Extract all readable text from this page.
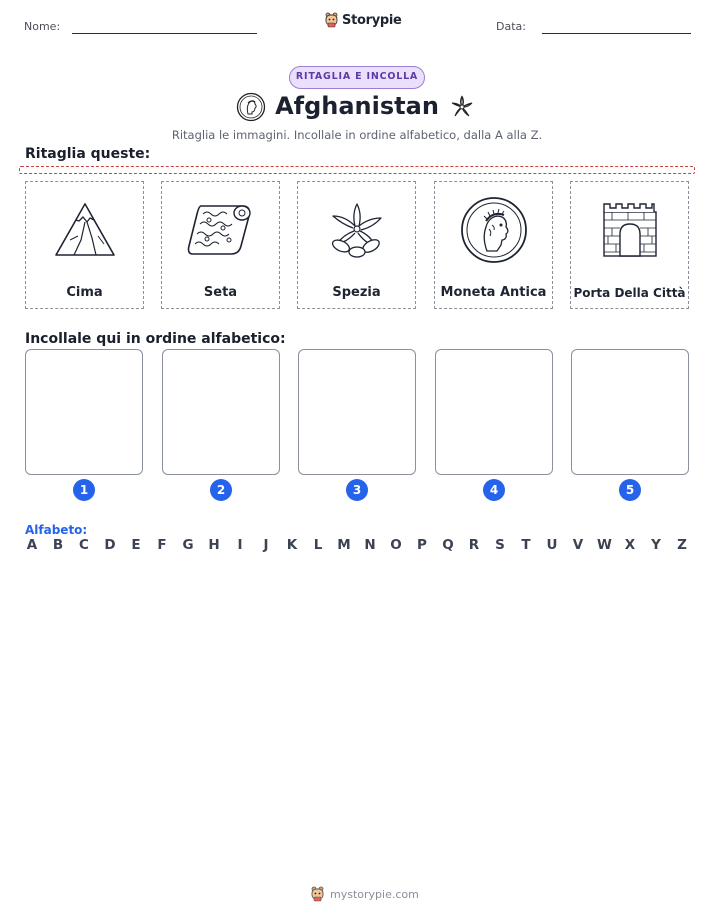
Nome:	Storypie	Data:
RITAGLIA E INCOLLA
Afghanistan
Ritaglia le immagini. Incollale in ordine alfabetico, dalla A alla Z.
Ritaglia queste:
Cima	Seta	Spezia	Moneta Antica	Porta Della Città
Incollale qui in ordine alfabetico:
1	2	3	4	5
Alfabeto:
A B C D E F G H	I	J	K L M N O P Q R S T U V W X Y Z
mystorypie.com
